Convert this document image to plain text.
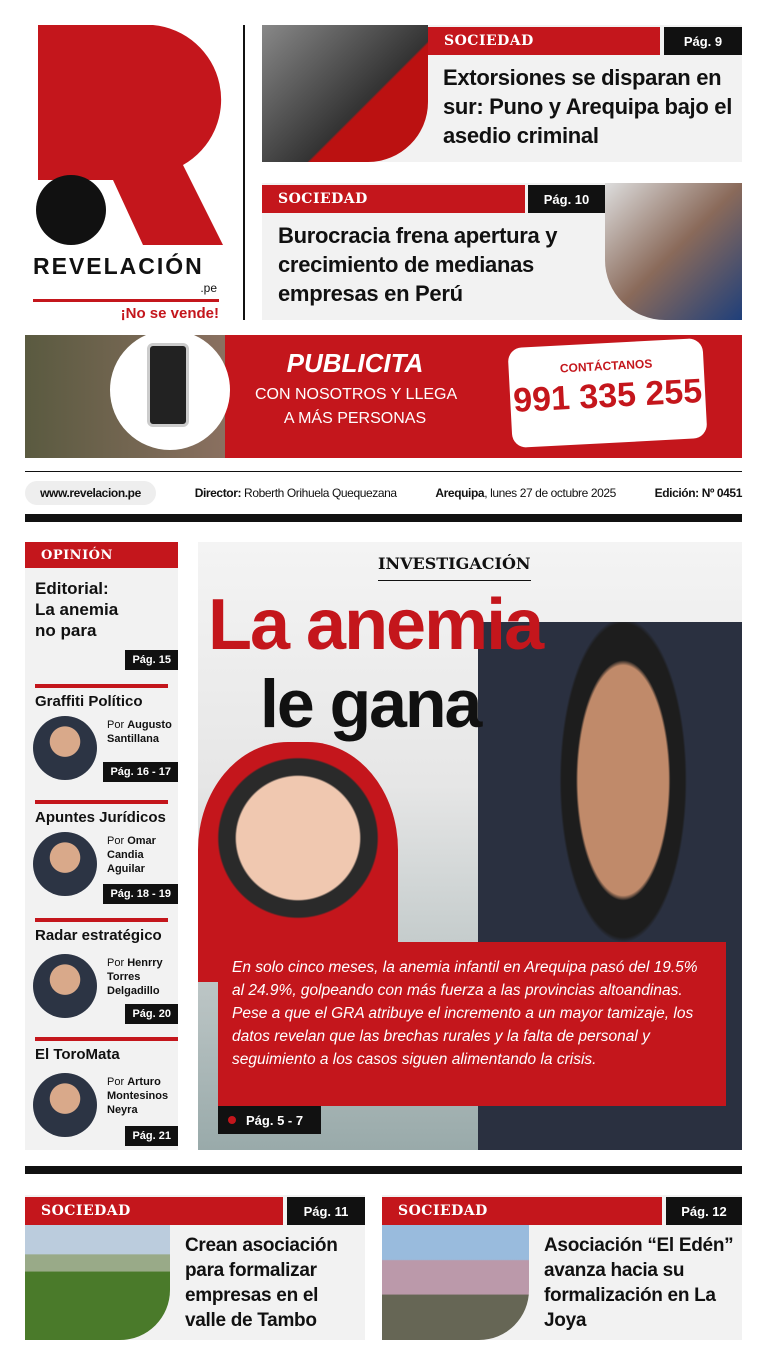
REVELACIÓN
.pe
¡No se vende!
SOCIEDAD	Pág. 9
Extorsiones se disparan en sur: Puno y Arequipa bajo el asedio criminal
SOCIEDAD	Pág. 10
Burocracia frena apertura y crecimiento de medianas empresas en Perú
PUBLICITA
CON NOSOTROS Y LLEGA
A MÁS PERSONAS
CONTÁCTANOS
991 335 255
www.revelacion.pe	Director: Roberth Orihuela Quequezana	Arequipa, lunes 27 de octubre 2025	Edición: Nº 0451
OPINIÓN
Editorial: La anemia no para
Pág. 15
Graffiti Político
Por Augusto Santillana
Pág. 16 - 17
Apuntes Jurídicos
Por Omar Candia Aguilar
Pág. 18 - 19
Radar estratégico
Por Henrry Torres Delgadillo
Pág. 20
El ToroMata
Por Arturo Montesinos Neyra
Pág. 21
INVESTIGACIÓN
La anemia
le gana
En solo cinco meses, la anemia infantil en Arequipa pasó del 19.5% al 24.9%, golpeando con más fuerza a las provincias altoandinas. Pese a que el GRA atribuye el incremento a un mayor tamizaje, los datos revelan que las brechas rurales y la falta de personal y seguimiento a los casos siguen alimentando la crisis.
Pág. 5 - 7
SOCIEDAD	Pág. 11
Crean asociación para formalizar empresas en el valle de Tambo
SOCIEDAD	Pág. 12
Asociación “El Edén” avanza hacia su formalización en La Joya
